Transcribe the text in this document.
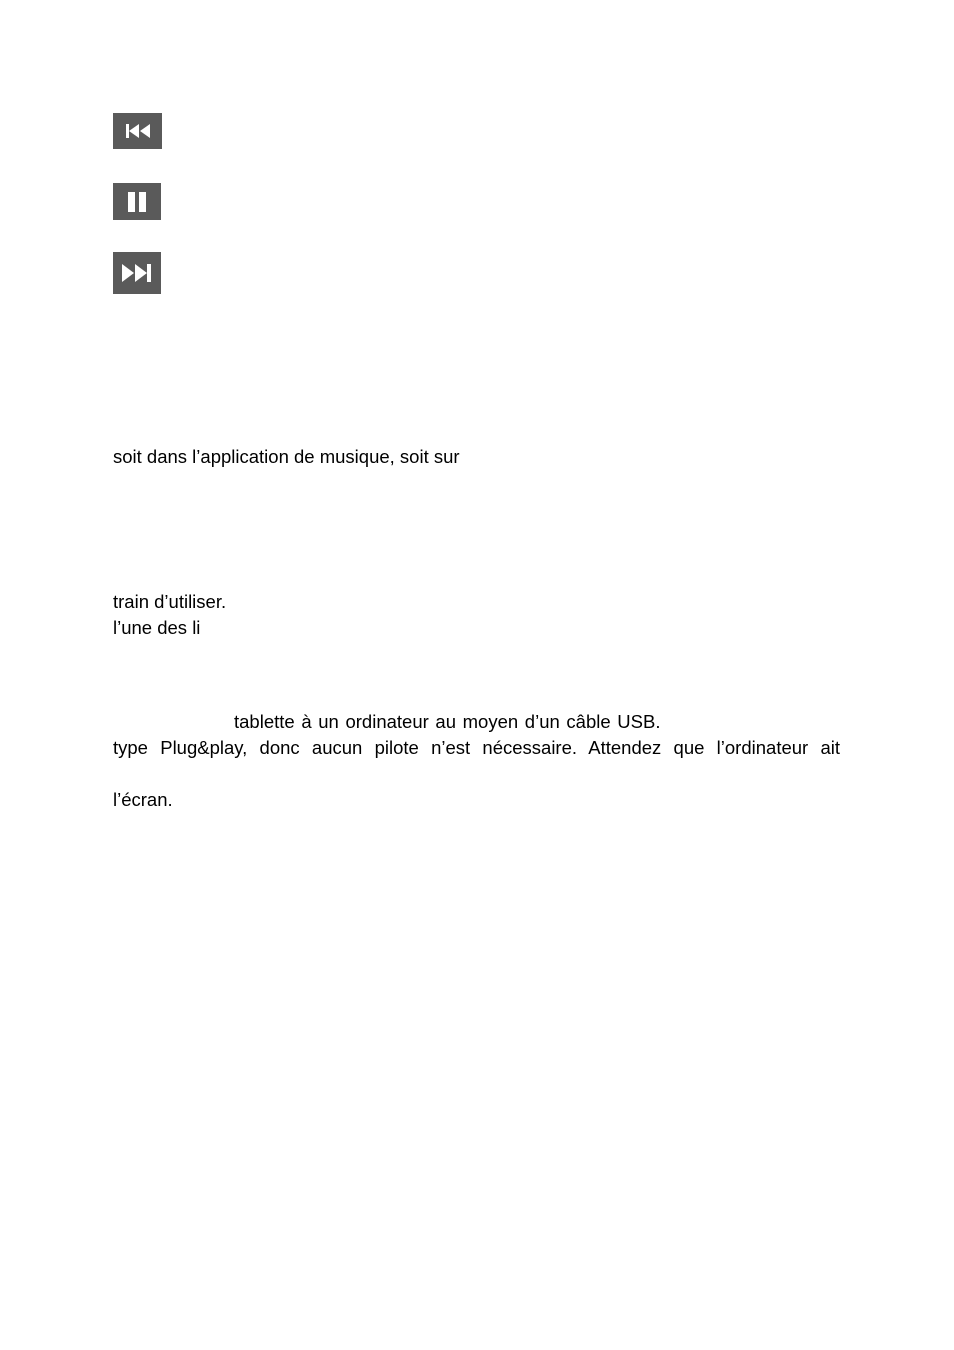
soit dans l’application de musique, soit sur
train d’utiliser.
l’une des li
tablette à un ordinateur au moyen d’un câble USB.
type Plug&play, donc aucun pilote n’est nécessaire. Attendez que l’ordinateur ait
l’écran.
